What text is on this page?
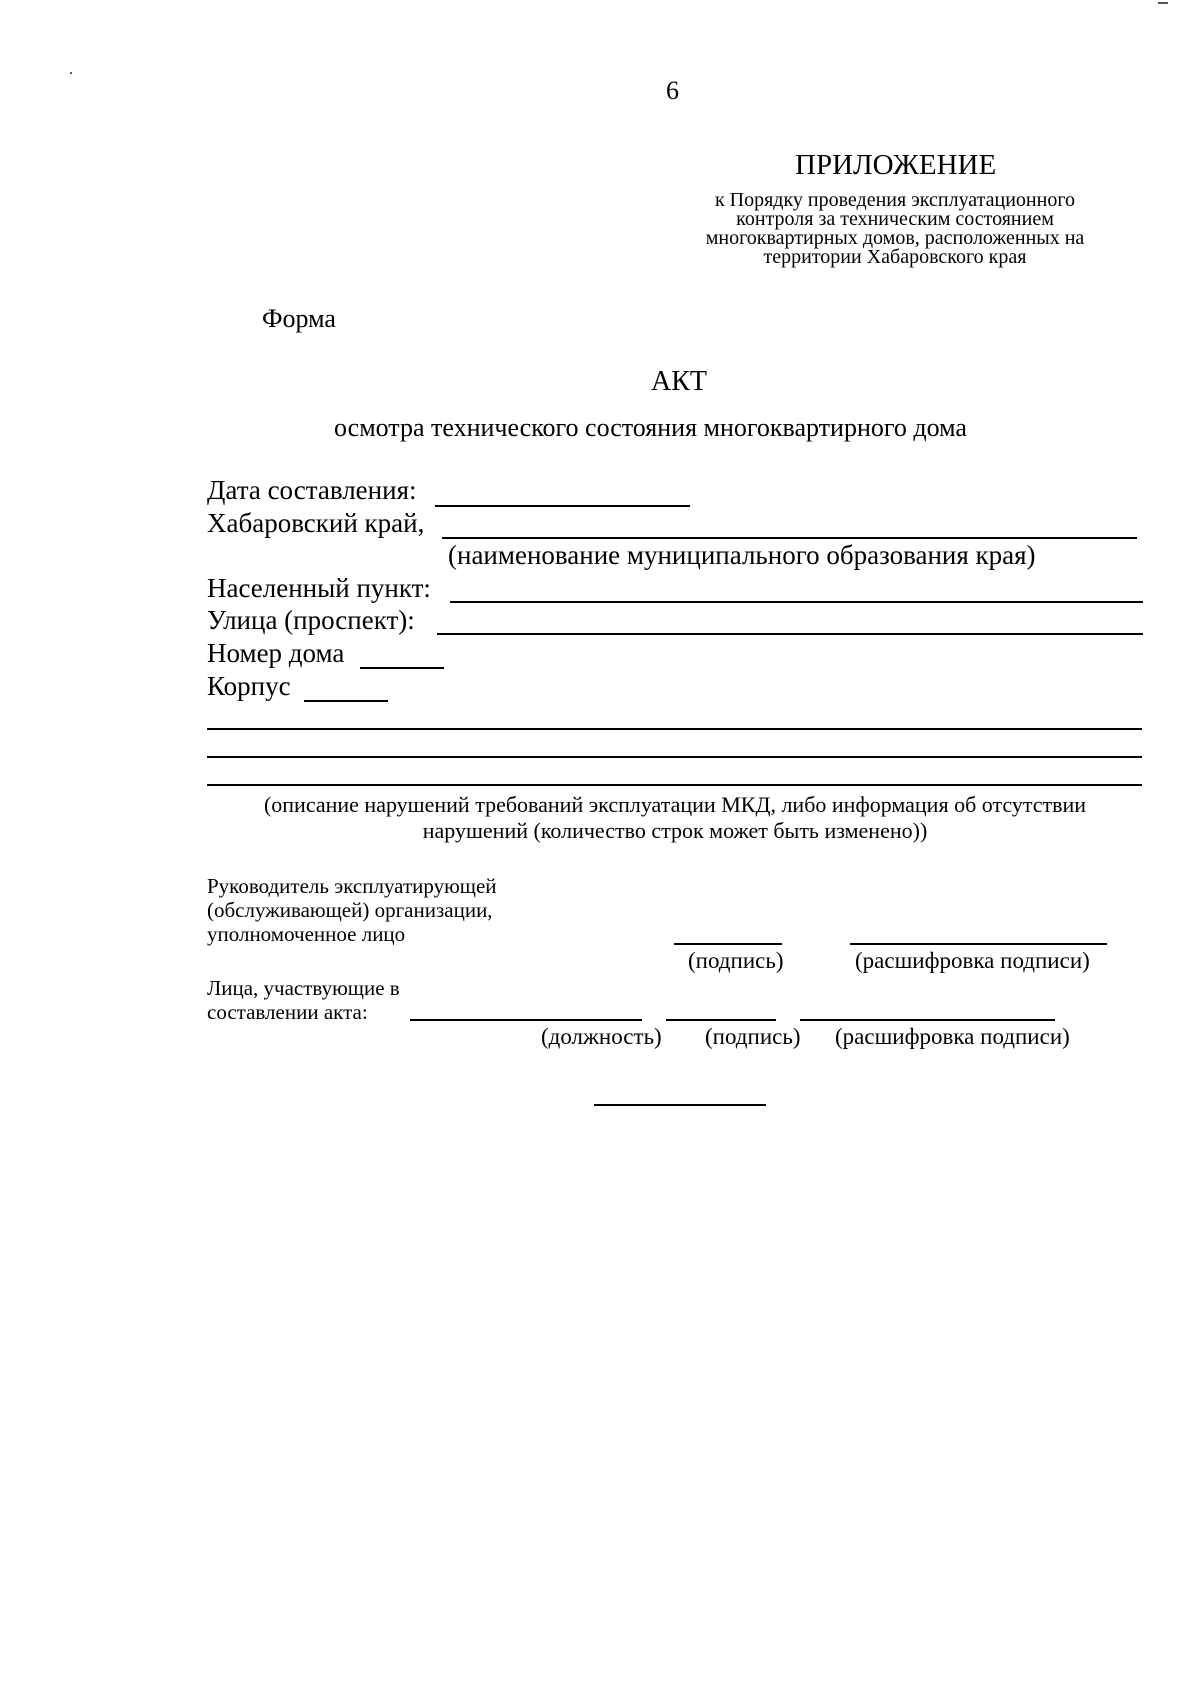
6
ПРИЛОЖЕНИЕ
к Порядку проведения эксплуатационного
контроля за техническим состоянием
многоквартирных домов, расположенных на
территории Хабаровского края
Форма
АКТ
осмотра технического состояния многоквартирного дома
Дата составления:
Хабаровский край,
(наименование муниципального образования края)
Населенный пункт:
Улица (проспект):
Номер дома
Корпус
(описание нарушений требований эксплуатации МКД, либо информация об отсутствии
нарушений (количество строк может быть изменено))
Руководитель эксплуатирующей
(обслуживающей) организации,
уполномоченное лицо
(подпись)	(расшифровка подписи)
Лица, участвующие в
составлении акта:
(должность) (подпись) (расшифровка подписи)
